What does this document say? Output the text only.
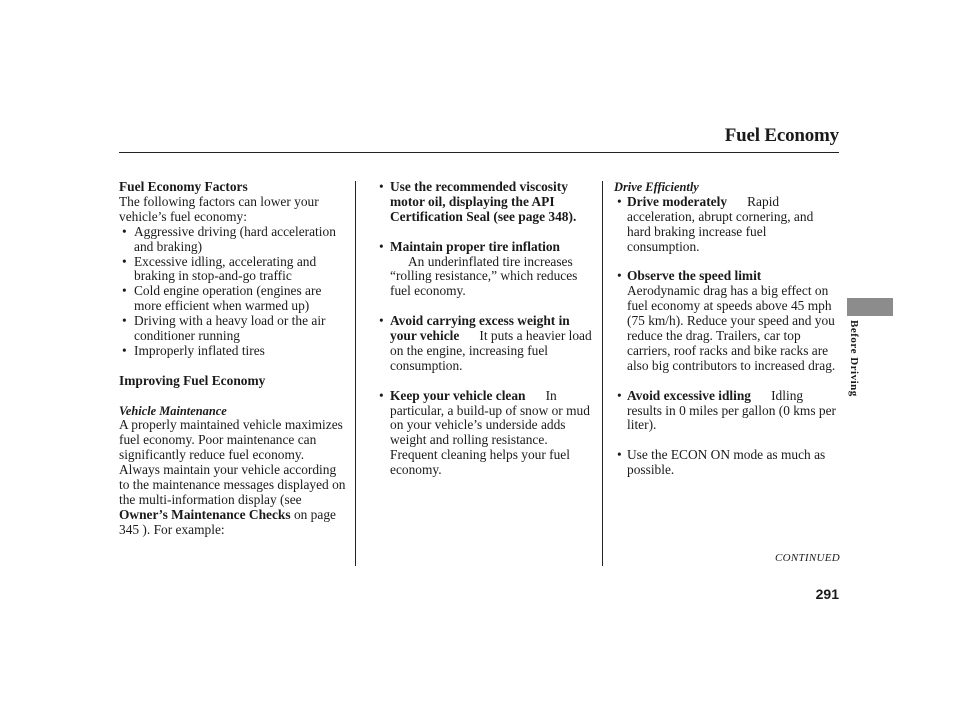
Fuel Economy

Fuel Economy Factors

The following factors can lower your vehicle’s fuel economy:

• Aggressive driving (hard acceleration and braking)
• Excessive idling, accelerating and braking in stop-and-go traffic
• Cold engine operation (engines are more efficient when warmed up)
• Driving with a heavy load or the air conditioner running
• Improperly inflated tires

Improving Fuel Economy

Vehicle Maintenance

A properly maintained vehicle maximizes fuel economy. Poor maintenance can significantly reduce fuel economy. Always maintain your vehicle according to the maintenance messages displayed on the multi-information display (see Owner’s Maintenance Checks on page 345 ). For example:

• Use the recommended viscosity motor oil, displaying the API Certification Seal (see page 348).
• Maintain proper tire inflation
An underinflated tire increases “rolling resistance,” which reduces fuel economy.
• Avoid carrying excess weight in your vehicle It puts a heavier load on the engine, increasing fuel consumption.
• Keep your vehicle clean In particular, a build-up of snow or mud on your vehicle’s underside adds weight and rolling resistance. Frequent cleaning helps your fuel economy.

Drive Efficiently

• Drive moderately Rapid acceleration, abrupt cornering, and hard braking increase fuel consumption.
• Observe the speed limit
Aerodynamic drag has a big effect on fuel economy at speeds above 45 mph (75 km/h). Reduce your speed and you reduce the drag. Trailers, car top carriers, roof racks and bike racks are also big contributors to increased drag.
• Avoid excessive idling Idling results in 0 miles per gallon (0 kms per liter).
• Use the ECON ON mode as much as possible.
Before Driving
CONTINUED
291
